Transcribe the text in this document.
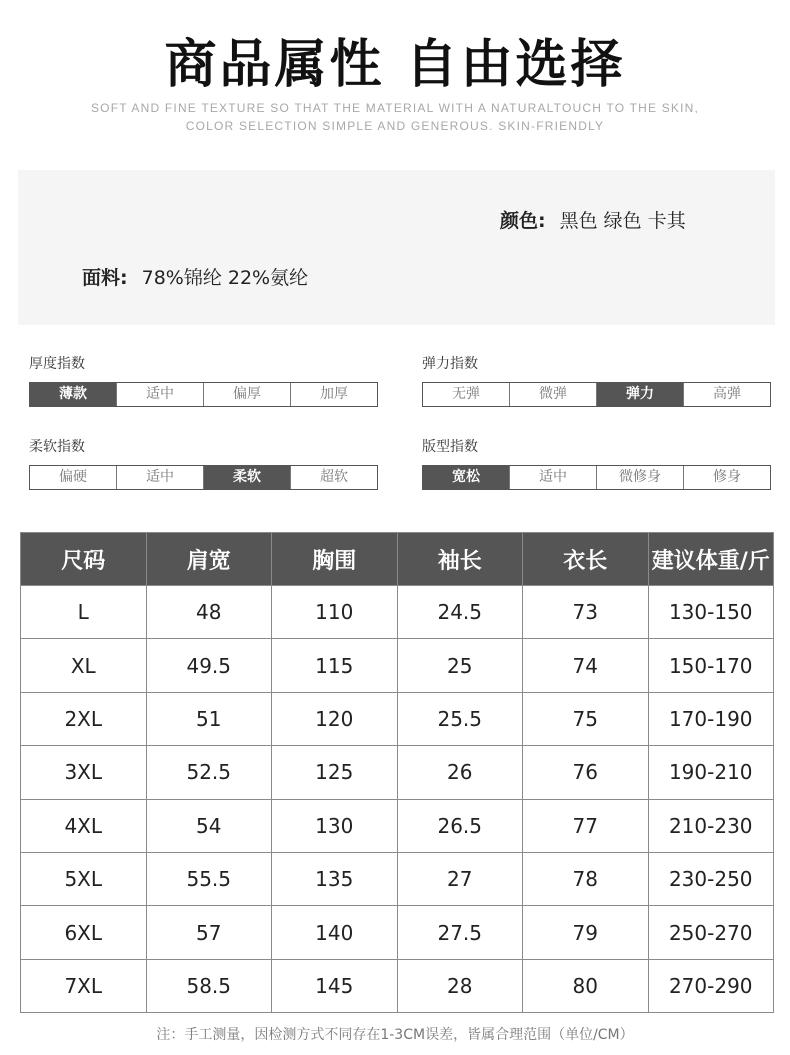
商品属性 自由选择
SOFT AND FINE TEXTURE SO THAT THE MATERIAL WITH A NATURALTOUCH TO THE SKIN,
COLOR SELECTION SIMPLE AND GENEROUS. SKIN-FRIENDLY
颜色: 黑色 绿色 卡其
面料: 78%锦纶 22%氨纶
厚度指数
薄款	适中	偏厚	加厚
弹力指数
无弹	微弹	弹力	高弹
柔软指数
偏硬	适中	柔软	超软
版型指数
宽松	适中	微修身	修身
尺码	肩宽	胸围	袖长	衣长	建议体重/斤
L	48	110	24.5	73	130-150
XL	49.5	115	25	74	150-170
2XL	51	120	25.5	75	170-190
3XL	52.5	125	26	76	190-210
4XL	54	130	26.5	77	210-230
5XL	55.5	135	27	78	230-250
6XL	57	140	27.5	79	250-270
7XL	58.5	145	28	80	270-290
注：手工测量，因检测方式不同存在1-3CM误差，皆属合理范围（单位/CM）
